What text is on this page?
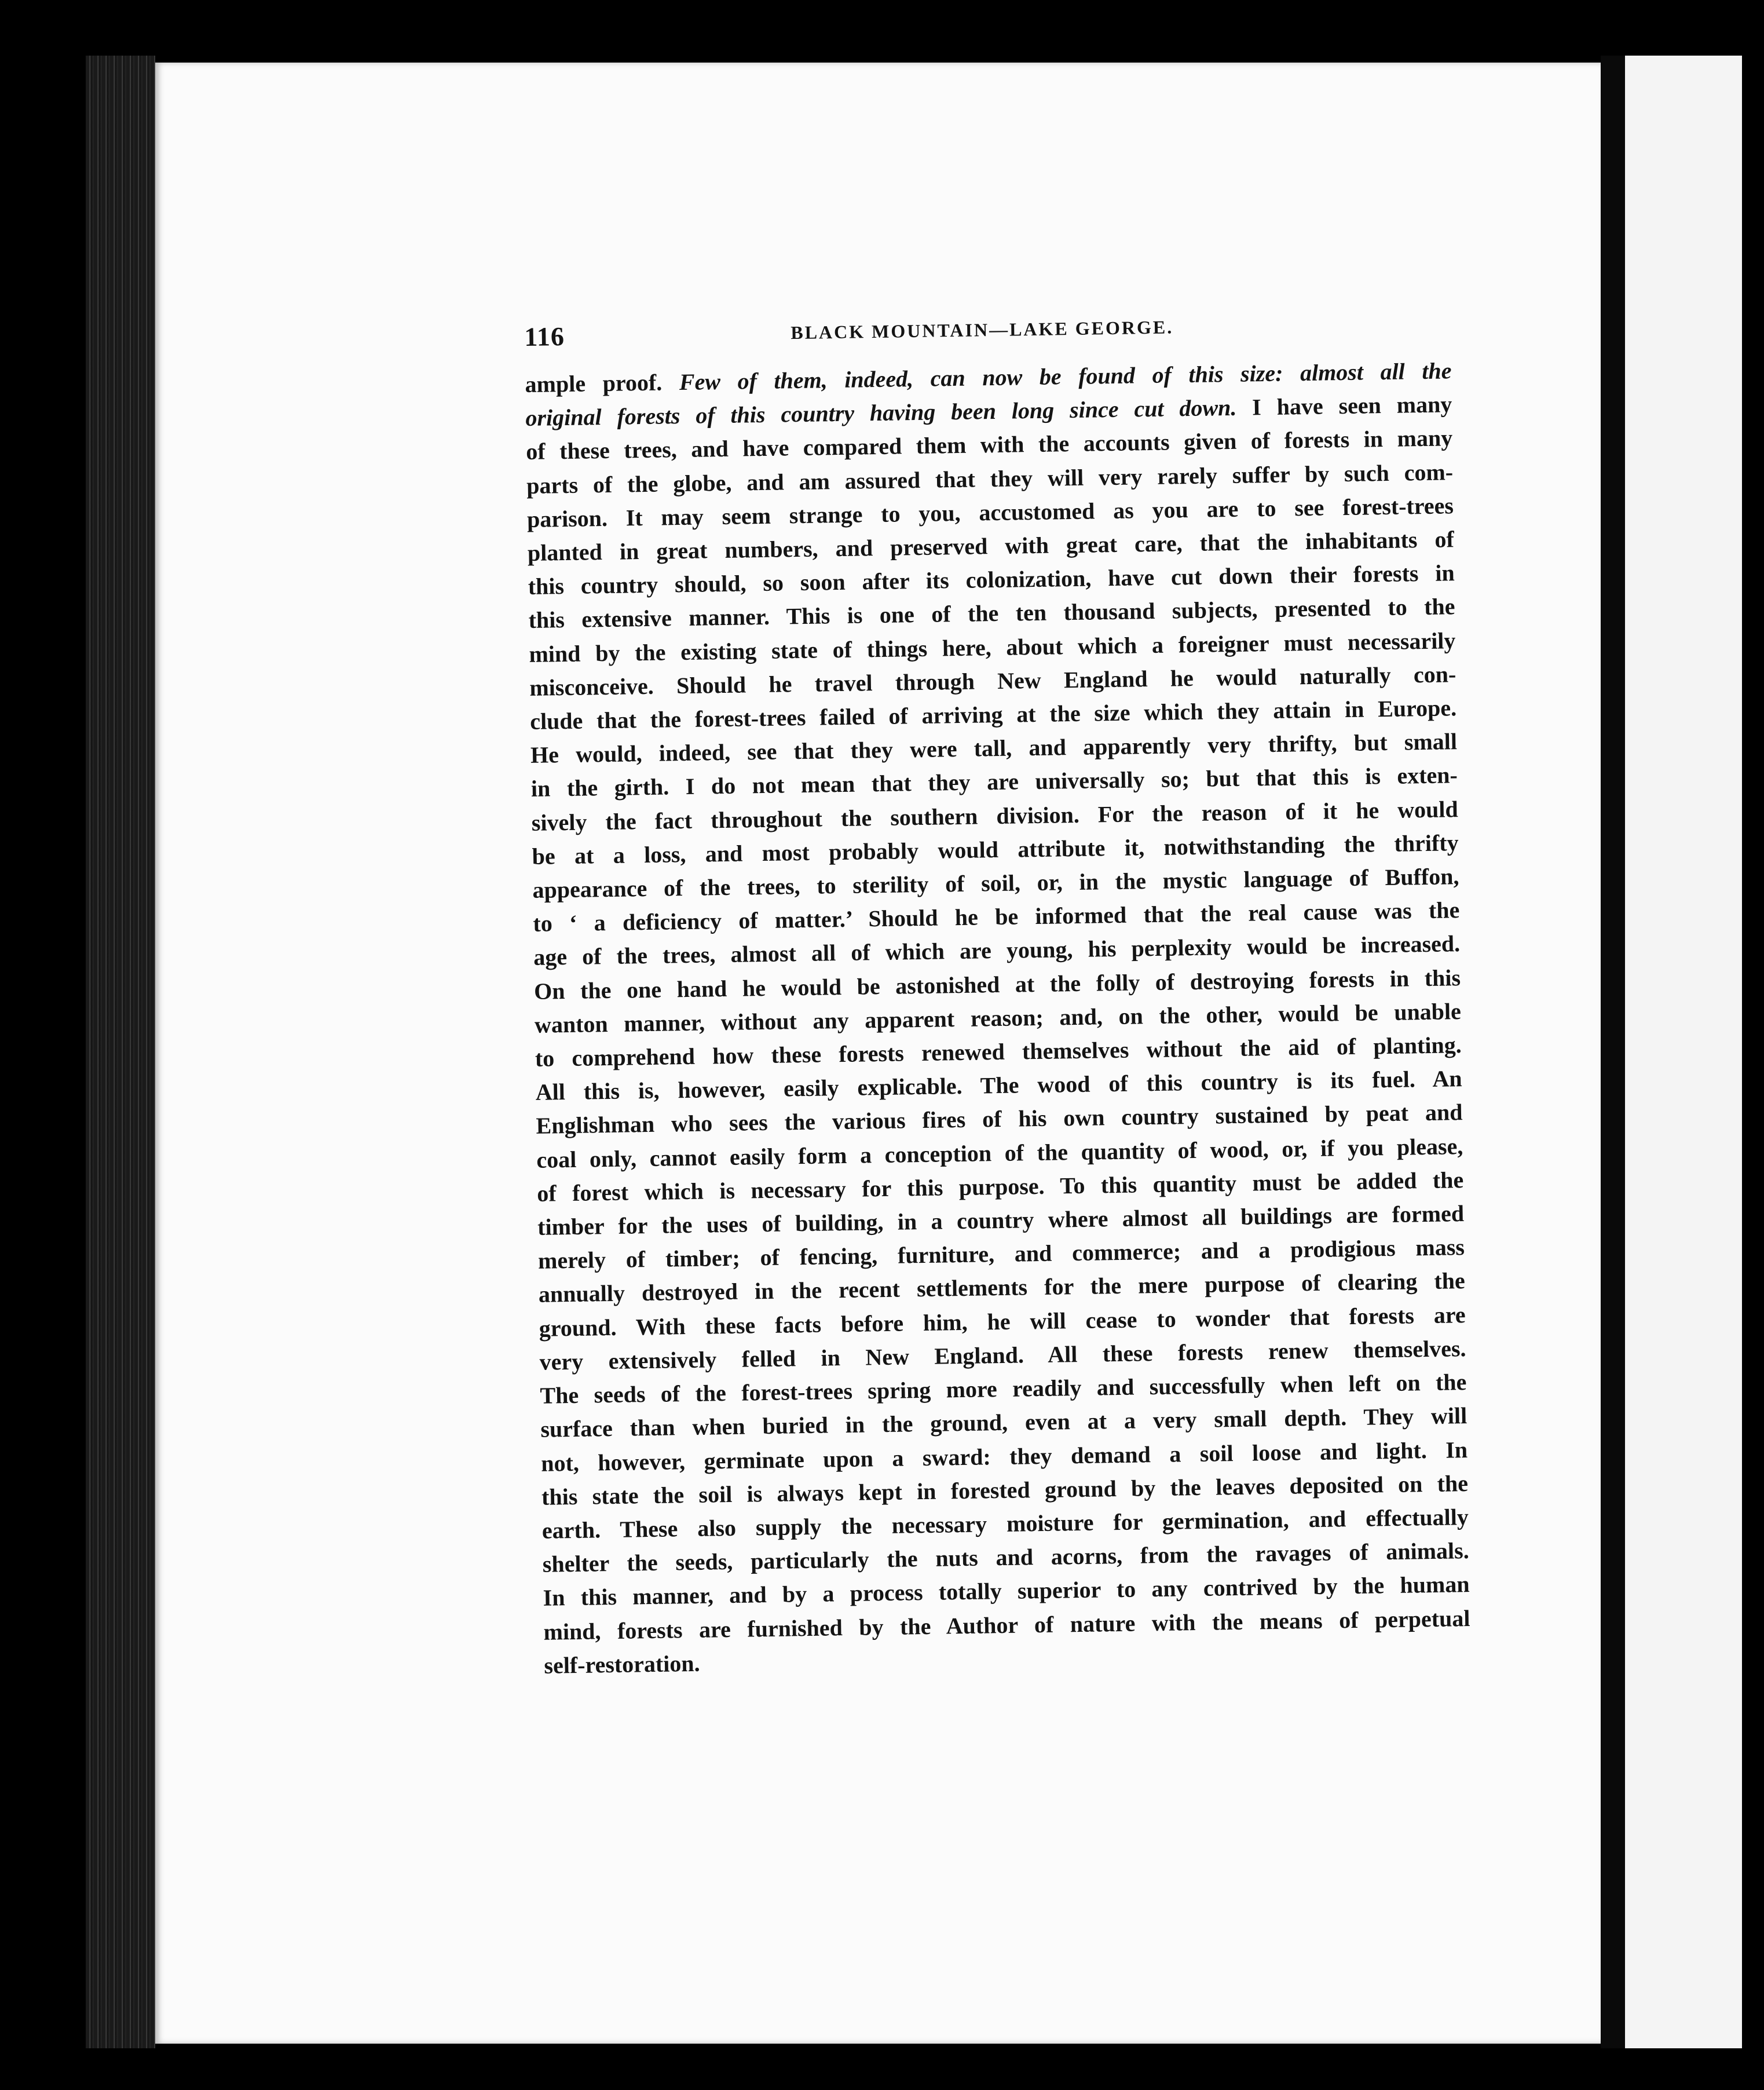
116	BLACK MOUNTAIN—LAKE GEORGE.
ample proof. Few of them, indeed, can now be found of this size: almost all the
original forests of this country having been long since cut down. I have seen many
of these trees, and have compared them with the accounts given of forests in many
parts of the globe, and am assured that they will very rarely suffer by such com-
parison. It may seem strange to you, accustomed as you are to see forest-trees
planted in great numbers, and preserved with great care, that the inhabitants of
this country should, so soon after its colonization, have cut down their forests in
this extensive manner. This is one of the ten thousand subjects, presented to the
mind by the existing state of things here, about which a foreigner must necessarily
misconceive. Should he travel through New England he would naturally con-
clude that the forest-trees failed of arriving at the size which they attain in Europe.
He would, indeed, see that they were tall, and apparently very thrifty, but small
in the girth. I do not mean that they are universally so; but that this is exten-
sively the fact throughout the southern division. For the reason of it he would
be at a loss, and most probably would attribute it, notwithstanding the thrifty
appearance of the trees, to sterility of soil, or, in the mystic language of Buffon,
to ‘ a deficiency of matter.’ Should he be informed that the real cause was the
age of the trees, almost all of which are young, his perplexity would be increased.
On the one hand he would be astonished at the folly of destroying forests in this
wanton manner, without any apparent reason; and, on the other, would be unable
to comprehend how these forests renewed themselves without the aid of planting.
All this is, however, easily explicable. The wood of this country is its fuel. An
Englishman who sees the various fires of his own country sustained by peat and
coal only, cannot easily form a conception of the quantity of wood, or, if you please,
of forest which is necessary for this purpose. To this quantity must be added the
timber for the uses of building, in a country where almost all buildings are formed
merely of timber; of fencing, furniture, and commerce; and a prodigious mass
annually destroyed in the recent settlements for the mere purpose of clearing the
ground. With these facts before him, he will cease to wonder that forests are
very extensively felled in New England. All these forests renew themselves.
The seeds of the forest-trees spring more readily and successfully when left on the
surface than when buried in the ground, even at a very small depth. They will
not, however, germinate upon a sward: they demand a soil loose and light. In
this state the soil is always kept in forested ground by the leaves deposited on the
earth. These also supply the necessary moisture for germination, and effectually
shelter the seeds, particularly the nuts and acorns, from the ravages of animals.
In this manner, and by a process totally superior to any contrived by the human
mind, forests are furnished by the Author of nature with the means of perpetual
self-restoration.
